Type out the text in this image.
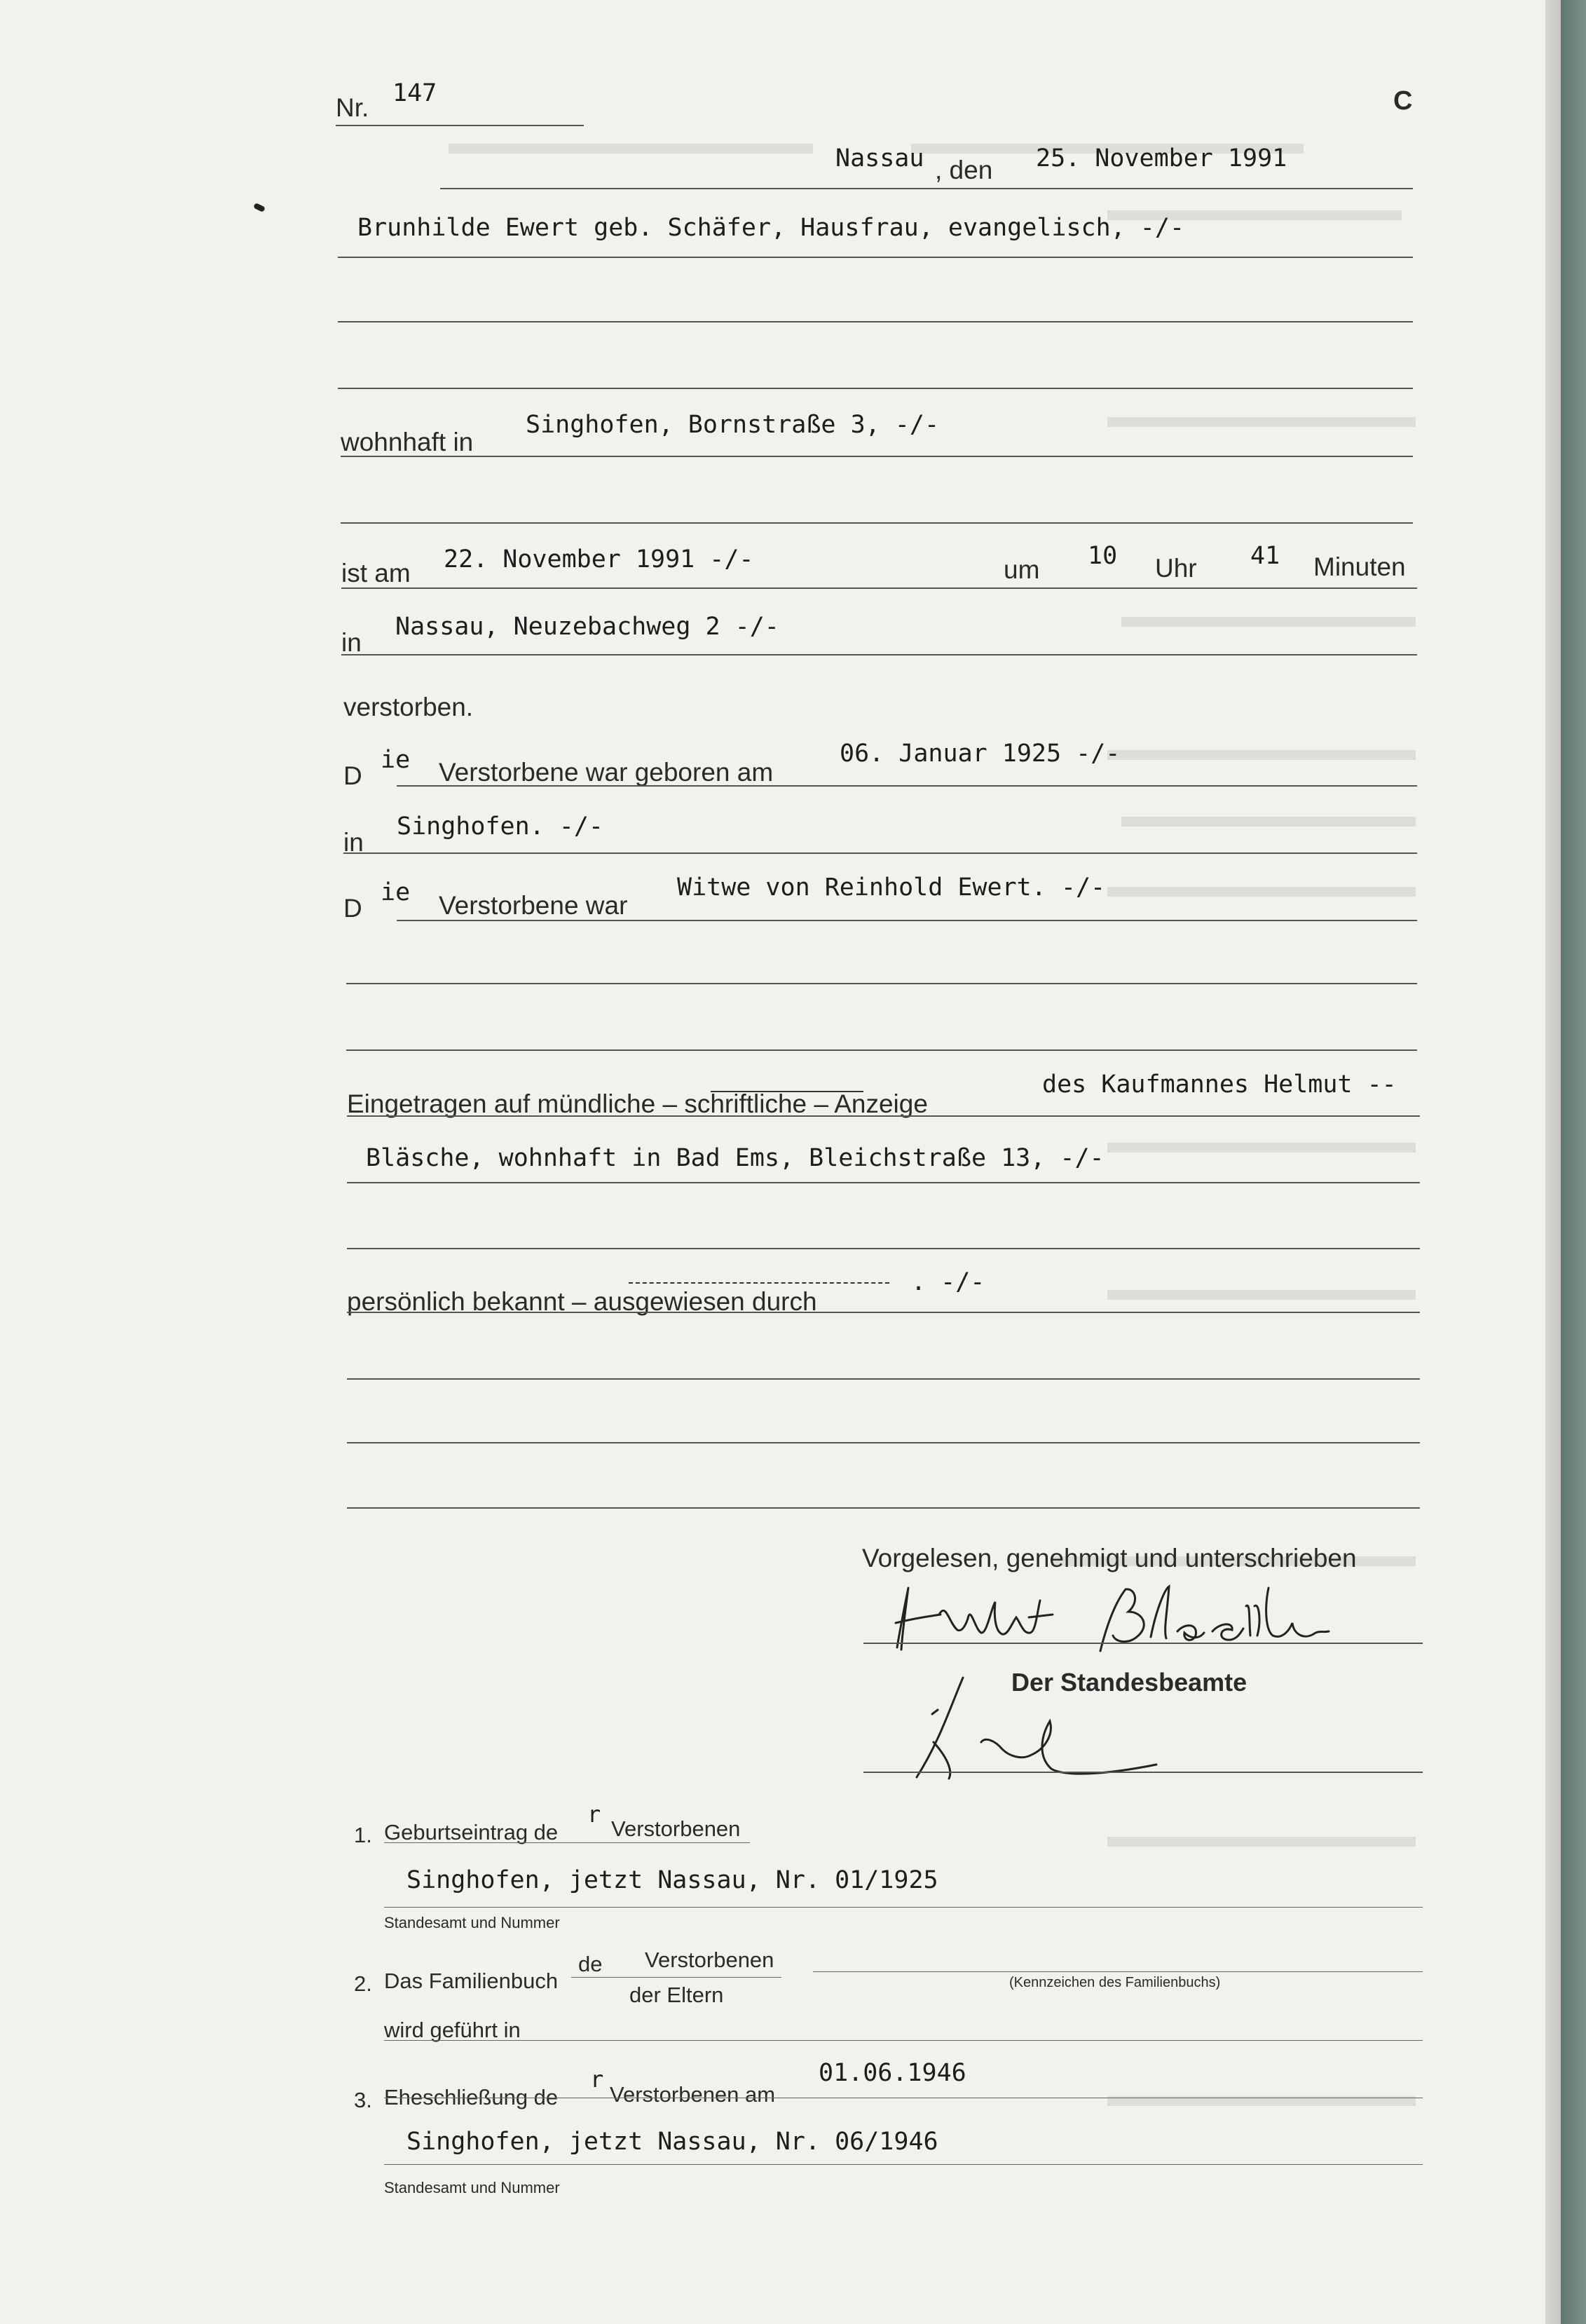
Nr. 147	C
Nassau , den 25. November 1991
Brunhilde Ewert geb. Schäfer, Hausfrau, evangelisch, -/-
wohnhaft in
Singhofen, Bornstraße 3, -/-
ist am 22. November 1991 -/-	um 10 Uhr 41 Minuten
in
Nassau, Neuzebachweg 2 -/-
verstorben.
D
ie Verstorbene war geboren am
06. Januar 1925 -/-
in
Singhofen. -/-
D
ie Verstorbene war
Witwe von Reinhold Ewert. -/-
Eingetragen auf mündliche – schriftliche – Anzeige
des Kaufmannes Helmut --
Bläsche, wohnhaft in Bad Ems, Bleichstraße 13, -/-
persönlich bekannt – ausgewiesen durch
. -/-
Vorgelesen, genehmigt und unterschrieben
Der Standesbeamte
1. Geburtseintrag de
r
Verstorbenen
Singhofen, jetzt Nassau, Nr. 01/1925
Standesamt und Nummer
2. Das Familienbuch
de Verstorbenen
der Eltern	(Kennzeichen des Familienbuchs)
wird geführt in
3. Eheschließung de
r
Verstorbenen am
01.06.1946
Singhofen, jetzt Nassau, Nr. 06/1946
Standesamt und Nummer
